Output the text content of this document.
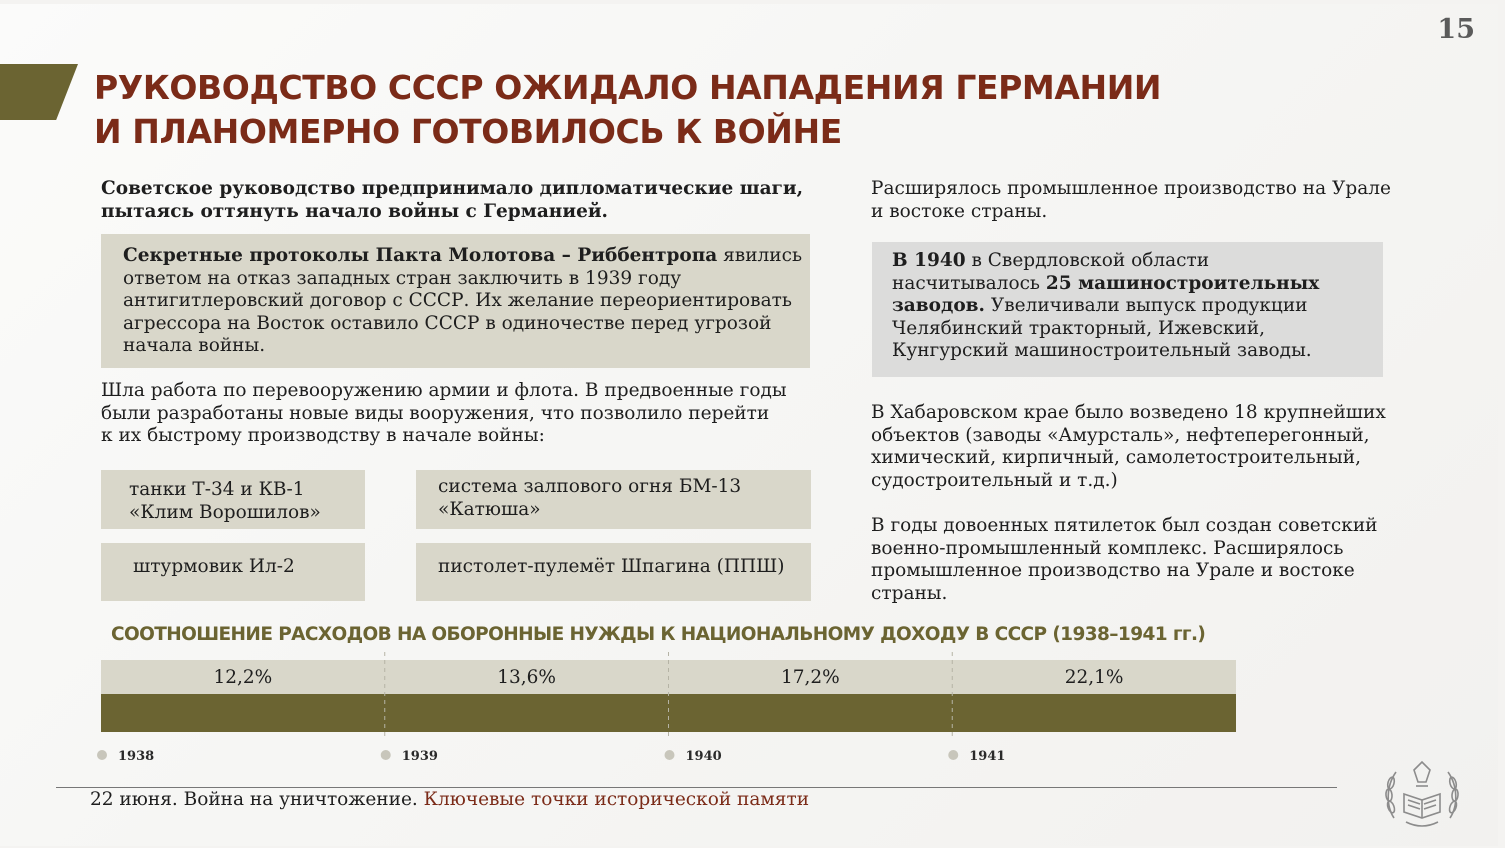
15
РУКОВОДСТВО СССР ОЖИДАЛО НАПАДЕНИЯ ГЕРМАНИИ
И ПЛАНОМЕРНО ГОТОВИЛОСЬ К ВОЙНЕ

Советское руководство предпринимало дипломатические шаги,
пытаясь оттянуть начало войны с Германией.

Секретные протоколы Пакта Молотова – Риббентропа явились
ответом на отказ западных стран заключить в 1939 году
антигитлеровский договор с СССР. Их желание переориентировать
агрессора на Восток оставило СССР в одиночестве перед угрозой
начала войны.

Шла работа по перевооружению армии и флота. В предвоенные годы
были разработаны новые виды вооружения, что позволило перейти
к их быстрому производству в начале войны:

танки Т-34 и КВ-1
«Клим Ворошилов»
система залпового огня БМ-13
«Катюша»
штурмовик Ил-2	пистолет-пулемёт Шпагина (ППШ)

Расширялось промышленное производство на Урале
и востоке страны.

В 1940 в Свердловской области
насчитывалось 25 машиностроительных
заводов. Увеличивали выпуск продукции
Челябинский тракторный, Ижевский,
Кунгурский машиностроительный заводы.

В Хабаровском крае было возведено 18 крупнейших
объектов (заводы «Амурсталь», нефтеперегонный,
химический, кирпичный, самолетостроительный,
судостроительный и т.д.)

В годы довоенных пятилеток был создан советский
военно-промышленный комплекс. Расширялось
промышленное производство на Урале и востоке
страны.

СООТНОШЕНИЕ РАСХОДОВ НА ОБОРОННЫЕ НУЖДЫ К НАЦИОНАЛЬНОМУ ДОХОДУ В СССР (1938–1941 гг.)
12,2%
1938
13,6%
1939
17,2%
1940
22,1%
1941

22 июня. Война на уничтожение. Ключевые точки исторической памяти
